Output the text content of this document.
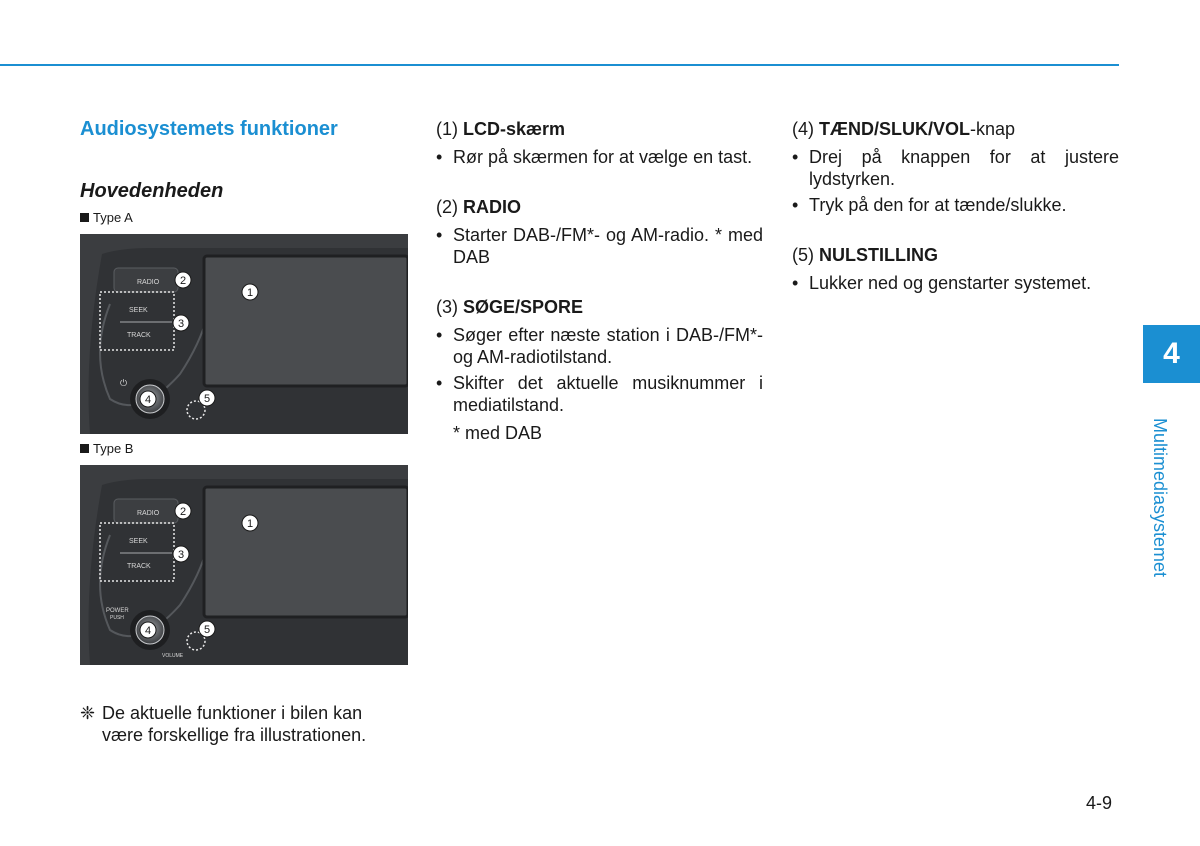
Audiosystemets funktioner
Hovedenheden
Type A
RADIO
SEEK
TRACK
⏻
2
1
3
4	5
Type B
RADIO
SEEK
TRACK
POWER
PUSH
VOLUME
2
1
3
4	5
❈ De aktuelle funktioner i bilen kan være forskellige fra illustrationen.
(1) LCD-skærm
• Rør på skærmen for at vælge en tast.
(2) RADIO
• Starter DAB-/FM*- og AM-radio. * med DAB
(3) SØGE/SPORE
• Søger efter næste station i DAB-/FM*- og AM-radiotilstand.
• Skifter det aktuelle musiknummer i mediatilstand.
* med DAB
(4) TÆND/SLUK/VOL-knap
• Drej på knappen for at justere lydstyrken.
• Tryk på den for at tænde/slukke.
(5) NULSTILLING
• Lukker ned og genstarter systemet.
4
Multimediasystemet
4-9
